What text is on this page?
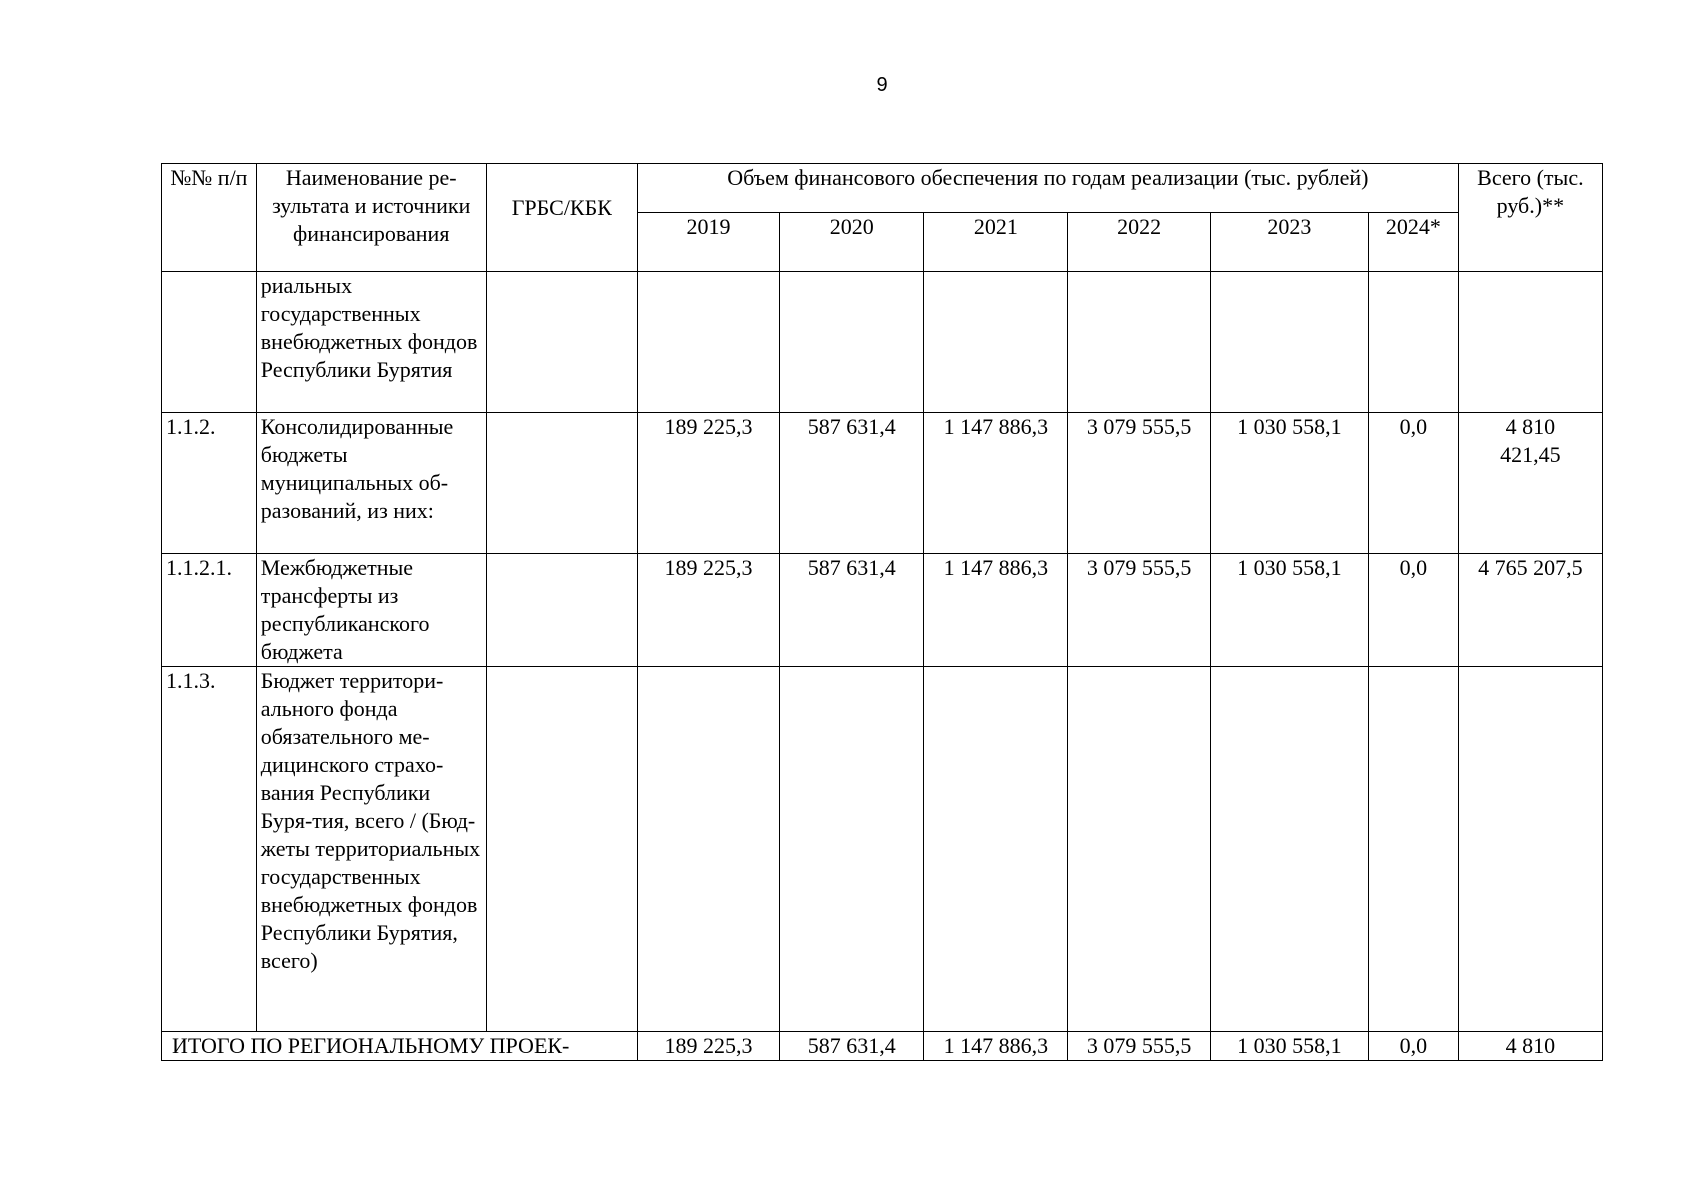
9
№№ п/п	Наименование ре-зультата и источники финансирования	ГРБС/КБК	Объем финансового обеспечения по годам реализации (тыс. рублей)						Всего (тыс. руб.)**
			2019	2020	2021	2022	2023	2024*	
	риальных государственных внебюджетных фондов Республики Бурятия								
1.1.2.	Консолидированные бюджеты муниципальных об-разований, из них:		189 225,3	587 631,4	1 147 886,3	3 079 555,5	1 030 558,1	0,0	4 810 421,45
1.1.2.1.	Межбюджетные трансферты из республиканского бюджета		189 225,3	587 631,4	1 147 886,3	3 079 555,5	1 030 558,1	0,0	4 765 207,5
1.1.3.	Бюджет территори-ального фонда обязательного ме-дицинского страхо-вания Республики Буря-тия, всего / (Бюд-жеты территориальных государственных внебюджетных фондов Республики Бурятия, всего)								
ИТОГО ПО РЕГИОНАЛЬНОМУ ПРОЕК-			189 225,3	587 631,4	1 147 886,3	3 079 555,5	1 030 558,1	0,0	4 810
